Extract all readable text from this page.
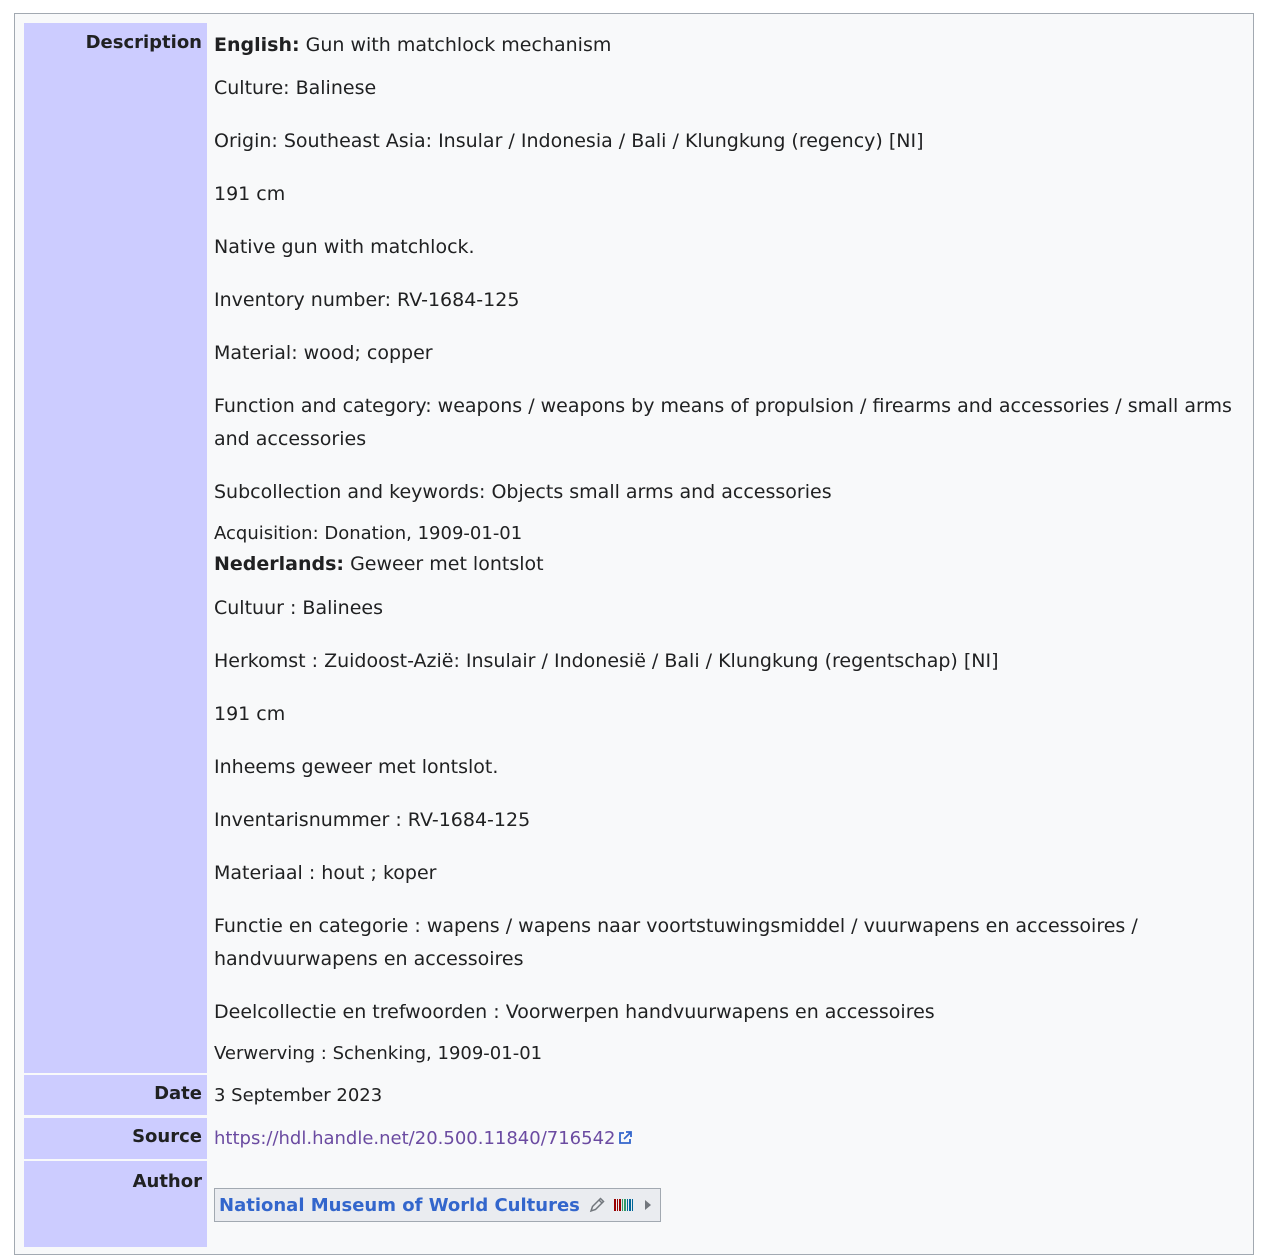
Description English: Gun with matchlock mechanism
Culture: Balinese
Origin: Southeast Asia: Insular / Indonesia / Bali / Klungkung (regency) [NI]
191 cm
Native gun with matchlock.
Inventory number: RV-1684-125
Material: wood; copper
Function and category: weapons / weapons by means of propulsion / firearms and accessories / small arms and accessories
Subcollection and keywords: Objects small arms and accessories
Acquisition: Donation, 1909-01-01
Nederlands: Geweer met lontslot
Cultuur : Balinees
Herkomst : Zuidoost-Azië: Insulair / Indonesië / Bali / Klungkung (regentschap) [NI]
191 cm
Inheems geweer met lontslot.
Inventarisnummer : RV-1684-125
Materiaal : hout ; koper
Functie en categorie : wapens / wapens naar voortstuwingsmiddel / vuurwapens en accessoires / handvuurwapens en accessoires
Deelcollectie en trefwoorden : Voorwerpen handvuurwapens en accessoires
Verwerving : Schenking, 1909-01-01
Date 3 September 2023
Source https://hdl.handle.net/20.500.11840/716542
Author
National Museum of World Cultures
